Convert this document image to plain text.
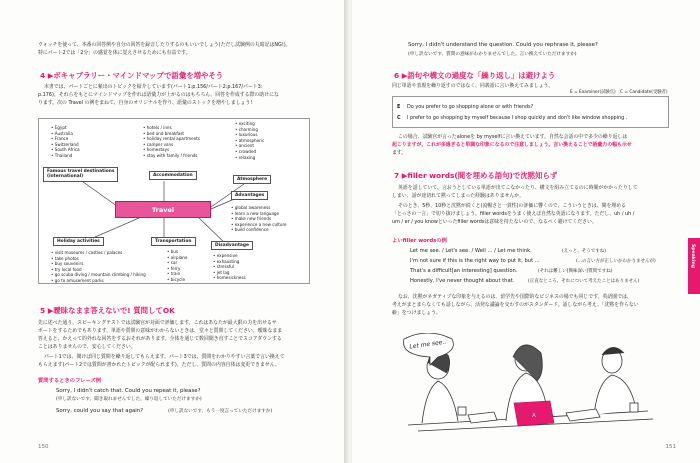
ウォッチを使って、本番の回答例や自分の回答を録音したりするのもいいでしょう(ただし試験例の丸暗記はNG!)。
特にパート2では「2分」の感覚を体に覚えさせるためにも有益です。
4 ▶ボキャブラリー・マインドマップで語彙を増やそう
本書では、パートごとに頻出のトピックを紹介しています(パート1:p.156/パート2:p.167/パート3:
p.176)。それらをもとにマインドマップを作れば語彙力が上がるのはもちろん、回答を作成する際の助けにな
ります。次の Travel の例をまねて、自身のオリジナルを作り、語彙のストックを増やしましょう!
• Egypt
• Australia
• France
• Switzerland
• South Africa
• Thailand
Famous travel destinations
(international)
• hotels / inns
• bed and breakfast
• holiday rental apartments
• camper vans
• homestays
• stay with family / friends
Accommodation
• exciting
• charming
• luxurious
• atmospheric
• ancient
• crowded
• relaxing
Atmosphere
Advantages
• global awareness
• learn a new language
• make new friends
• experience a new culture
• build confidence
Travel
Holiday activities
• visit museums / castles / palaces
• take photos
• buy souvenirs
• try local food
• go scuba diving / mountain climbing / hiking
• go to amusement parks
Transportation
• bus
• airplane
• car
• ferry
• train
• bicycle
Disadvantage
• expensive
• exhausting
• stressful
• jet lag
• homesickness
5 ▶曖昧なまま答えないで! 質問してOK
先に述べた通り、スピーキングテストでは試験官が対面で評価します。これはあなたが最大限の力を出せるサ
ポートをするためでもあります。単語や質問の意味がわからないときは、堂々と質問してください。曖昧なまま
答えると、かえって的外れな回答をするおそれがあります。全体を通じて数回聞き直すことでスコアダウンする
ことはありませんので、安心してください。
パート1では、聞けば同じ質問を繰り返してもらえます。パート3では、質問をわかりやすい言葉で言い換えて
もらえます(パート2では質問が書かれたトピックが配られます)。ただし、質問の内容自体は変更できません。
質問するときのフレーズ例
Sorry, I didn't catch that. Could you repeat it, please?
(申し訳ないです、聞き取れませんでした。繰り返していただけますか)
Sorry, could you say that again?	(申し訳ないです、もう一度言っていただけますか)
150
Sorry, I didn't understand the question. Could you rephrase it, please?
(申し訳ないです、質問の意味がわかりませんでした。言い換えていただけますか)
6 ▶語句や構文の過度な「繰り返し」は避けよう
同じ単語や表現を繰り返すのではなく、同義語に言い換えてみましょう。
E = Examiner(試験官)　C = Candidate(受験者)
E Do you prefer to go shopping alone or with friends?
C I prefer to go shopping by myself because I shop quickly and don't like window shopping .
この場合、試験官が言ったaloneを by myselfに言い換えています。自然な会話の中で多少の繰り返しは
起こりますが、これが多過ぎると単調な印象になるので注意しましょう。言い換えることで語彙力の幅も示せ
ます。
7 ▶filler words(間を埋める語句)で沈黙知らず
英語を話していて、言おうとしている単語が出てこなかったり、構文を組み立てるのに時間がかかったりして
しまい、話が途切れて黙ってしまった経験はありませんか。
そのとき、5秒、10秒と沈黙が続くと(流暢さと一貫性)の評価に響くので、こういうときは、間を埋める
「とっさの一言」で切り抜けましょう。filler wordsをうまく使えば自然な英語になります。ただし、uh / uh /
um / er / you knowといったfiller wordsは意味を持たないので、なるべく避けてください。
よいfiller wordsの例
Let me see. / Let's see. / Well ... / Let me think.	(えっと、そうですね)
I'm not sure if this is the right way to put it, but ...	(...の言い方が正しいかわかりませんが)
That's a difficult[an interesting] question.	(それは難しい[興味深い]質問ですね)
Honestly, I've never thought about that.	(正直なところ、それについて考えたことはありません)
なお、沈黙がネガティブな印象を与えるのは、留学先や国際的なビジネスの場でも同じです。英語圏では、
考えがまとまらなくても話しながら、活発な議論を交わすのがスタンダード。話しながら考え、「沈黙を作らない
癖」をつけましょう。
Let me see..
A
Speaking
151
